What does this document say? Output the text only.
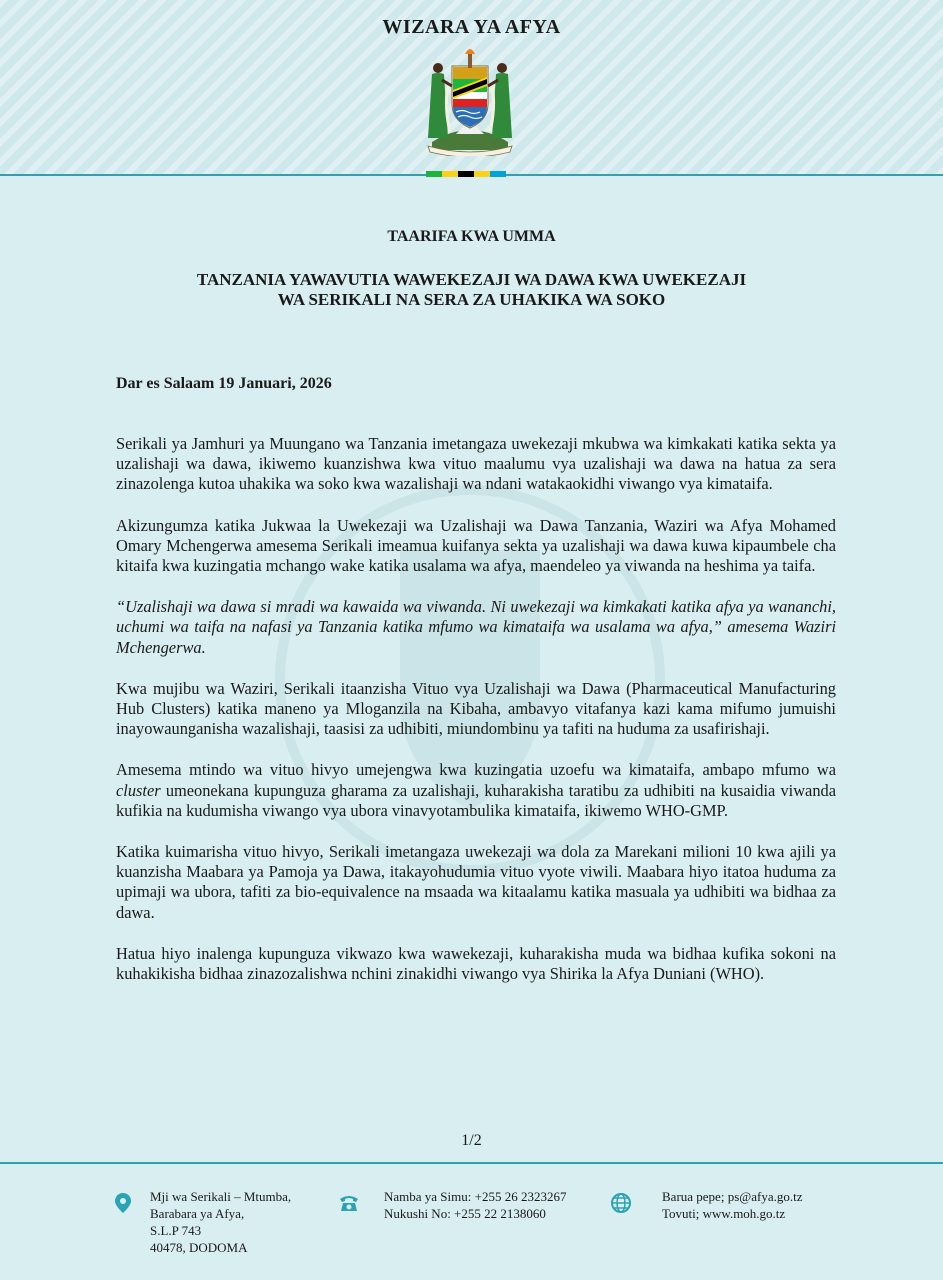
WIZARA YA AFYA
TAARIFA KWA UMMA
TANZANIA YAWAVUTIA WAWEKEZAJI WA DAWA KWA UWEKEZAJI
WA SERIKALI NA SERA ZA UHAKIKA WA SOKO
Dar es Salaam 19 Januari, 2026

Serikali ya Jamhuri ya Muungano wa Tanzania imetangaza uwekezaji mkubwa wa kimkakati katika sekta ya uzalishaji wa dawa, ikiwemo kuanzishwa kwa vituo maalumu vya uzalishaji wa dawa na hatua za sera zinazolenga kutoa uhakika wa soko kwa wazalishaji wa ndani watakaokidhi viwango vya kimataifa.

Akizungumza katika Jukwaa la Uwekezaji wa Uzalishaji wa Dawa Tanzania, Waziri wa Afya Mohamed Omary Mchengerwa amesema Serikali imeamua kuifanya sekta ya uzalishaji wa dawa kuwa kipaumbele cha kitaifa kwa kuzingatia mchango wake katika usalama wa afya, maendeleo ya viwanda na heshima ya taifa.

“Uzalishaji wa dawa si mradi wa kawaida wa viwanda. Ni uwekezaji wa kimkakati katika afya ya wananchi, uchumi wa taifa na nafasi ya Tanzania katika mfumo wa kimataifa wa usalama wa afya,” amesema Waziri Mchengerwa.

Kwa mujibu wa Waziri, Serikali itaanzisha Vituo vya Uzalishaji wa Dawa (Pharmaceutical Manufacturing Hub Clusters) katika maneno ya Mloganzila na Kibaha, ambavyo vitafanya kazi kama mifumo jumuishi inayowaunganisha wazalishaji, taasisi za udhibiti, miundombinu ya tafiti na huduma za usafirishaji.

Amesema mtindo wa vituo hivyo umejengwa kwa kuzingatia uzoefu wa kimataifa, ambapo mfumo wa cluster umeonekana kupunguza gharama za uzalishaji, kuharakisha taratibu za udhibiti na kusaidia viwanda kufikia na kudumisha viwango vya ubora vinavyotambulika kimataifa, ikiwemo WHO-GMP.

Katika kuimarisha vituo hivyo, Serikali imetangaza uwekezaji wa dola za Marekani milioni 10 kwa ajili ya kuanzisha Maabara ya Pamoja ya Dawa, itakayohudumia vituo vyote viwili. Maabara hiyo itatoa huduma za upimaji wa ubora, tafiti za bio-equivalence na msaada wa kitaalamu katika masuala ya udhibiti wa bidhaa za dawa.

Hatua hiyo inalenga kupunguza vikwazo kwa wawekezaji, kuharakisha muda wa bidhaa kufika sokoni na kuhakikisha bidhaa zinazozalishwa nchini zinakidhi viwango vya Shirika la Afya Duniani (WHO).

1/2
Mji wa Serikali – Mtumba,
Barabara ya Afya,
S.L.P 743
40478, DODOMA
Namba ya Simu: +255 26 2323267
Nukushi No: +255 22 2138060
Barua pepe; ps@afya.go.tz
Tovuti; www.moh.go.tz
